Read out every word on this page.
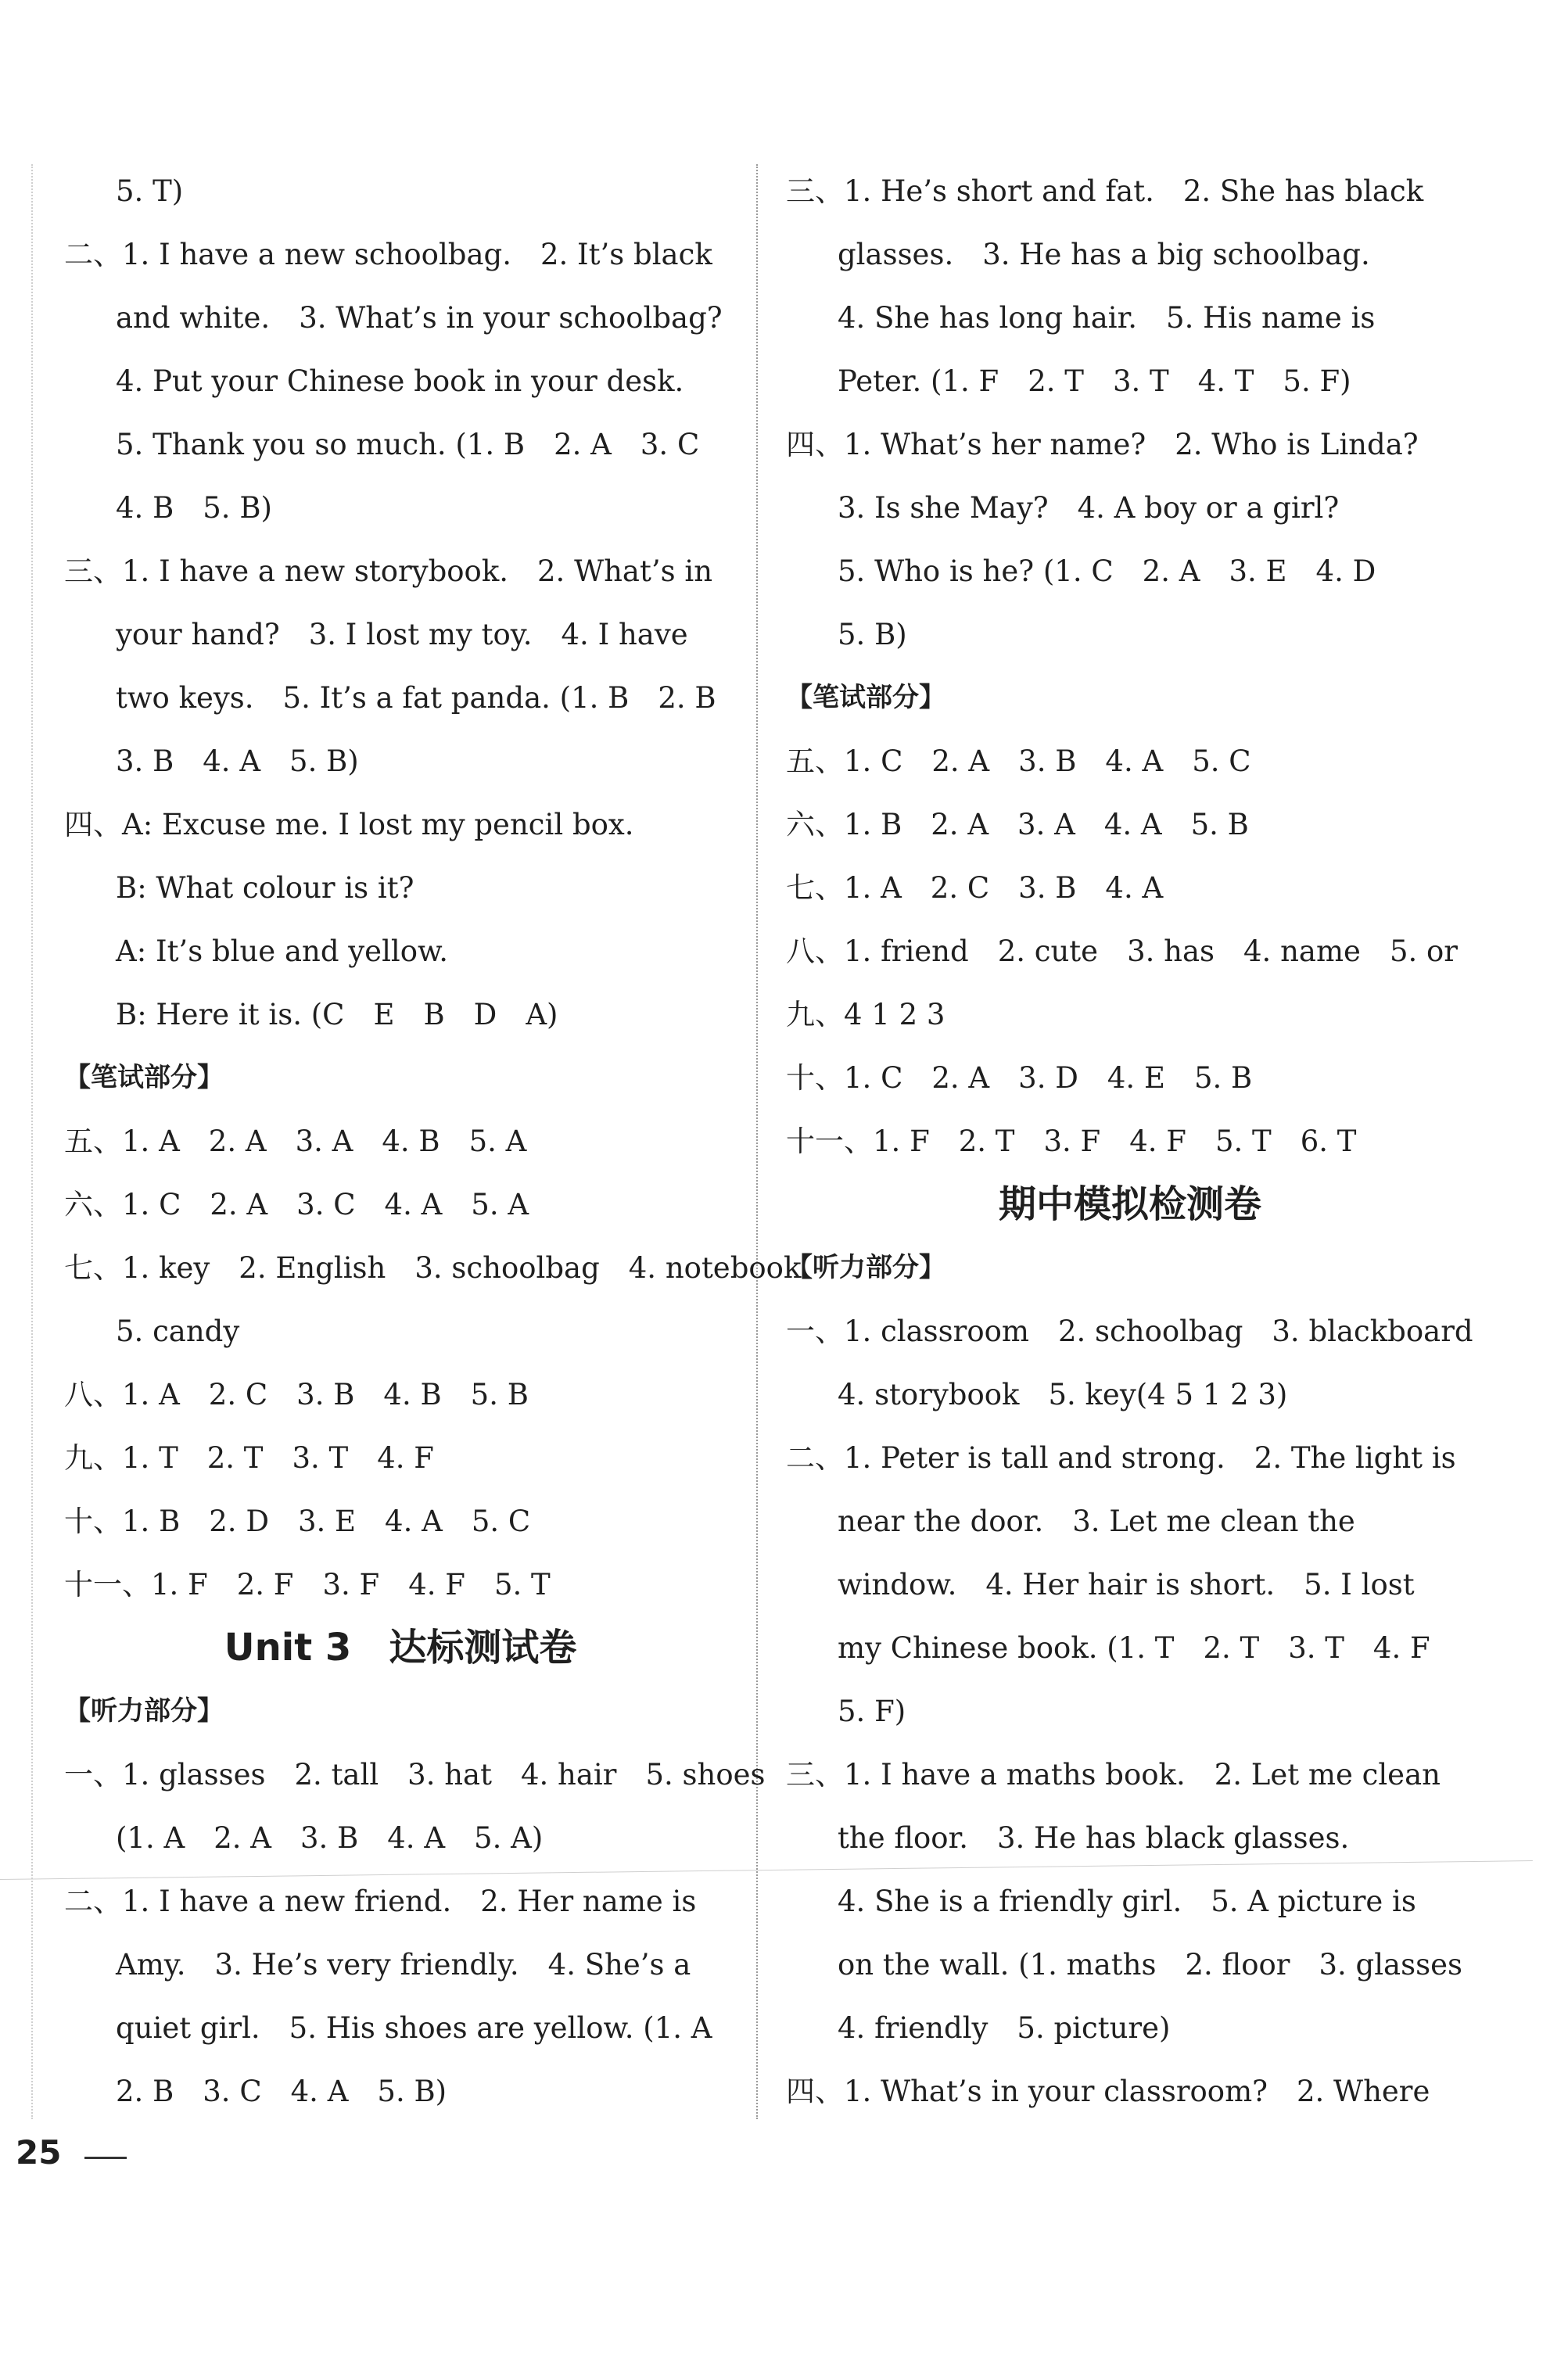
5. T)
二、1. I have a new schoolbag.　2. It’s black
and white.　3. What’s in your schoolbag?
4. Put your Chinese book in your desk.
5. Thank you so much. (1. B　2. A　3. C
4. B　5. B)
三、1. I have a new storybook.　2. What’s in
your hand?　3. I lost my toy.　4. I have
two keys.　5. It’s a fat panda. (1. B　2. B
3. B　4. A　5. B)
四、A: Excuse me. I lost my pencil box.
B: What colour is it?
A: It’s blue and yellow.
B: Here it is. (C　E　B　D　A)
【笔试部分】
五、1. A　2. A　3. A　4. B　5. A
六、1. C　2. A　3. C　4. A　5. A
七、1. key　2. English　3. schoolbag　4. notebook
5. candy
八、1. A　2. C　3. B　4. B　5. B
九、1. T　2. T　3. T　4. F
十、1. B　2. D　3. E　4. A　5. C
十一、1. F　2. F　3. F　4. F　5. T
Unit 3　达标测试卷
【听力部分】
一、1. glasses　2. tall　3. hat　4. hair　5. shoes
(1. A　2. A　3. B　4. A　5. A)
二、1. I have a new friend.　2. Her name is
Amy.　3. He’s very friendly.　4. She’s a
quiet girl.　5. His shoes are yellow. (1. A
2. B　3. C　4. A　5. B)
三、1. He’s short and fat.　2. She has black
glasses.　3. He has a big schoolbag.
4. She has long hair.　5. His name is
Peter. (1. F　2. T　3. T　4. T　5. F)
四、1. What’s her name?　2. Who is Linda?
3. Is she May?　4. A boy or a girl?
5. Who is he? (1. C　2. A　3. E　4. D
5. B)
【笔试部分】
五、1. C　2. A　3. B　4. A　5. C
六、1. B　2. A　3. A　4. A　5. B
七、1. A　2. C　3. B　4. A
八、1. friend　2. cute　3. has　4. name　5. or
九、4 1 2 3
十、1. C　2. A　3. D　4. E　5. B
十一、1. F　2. T　3. F　4. F　5. T　6. T
期中模拟检测卷
【听力部分】
一、1. classroom　2. schoolbag　3. blackboard
4. storybook　5. key(4 5 1 2 3)
二、1. Peter is tall and strong.　2. The light is
near the door.　3. Let me clean the
window.　4. Her hair is short.　5. I lost
my Chinese book. (1. T　2. T　3. T　4. F
5. F)
三、1. I have a maths book.　2. Let me clean
the floor.　3. He has black glasses.
4. She is a friendly girl.　5. A picture is
on the wall. (1. maths　2. floor　3. glasses
4. friendly　5. picture)
四、1. What’s in your classroom?　2. Where
25
